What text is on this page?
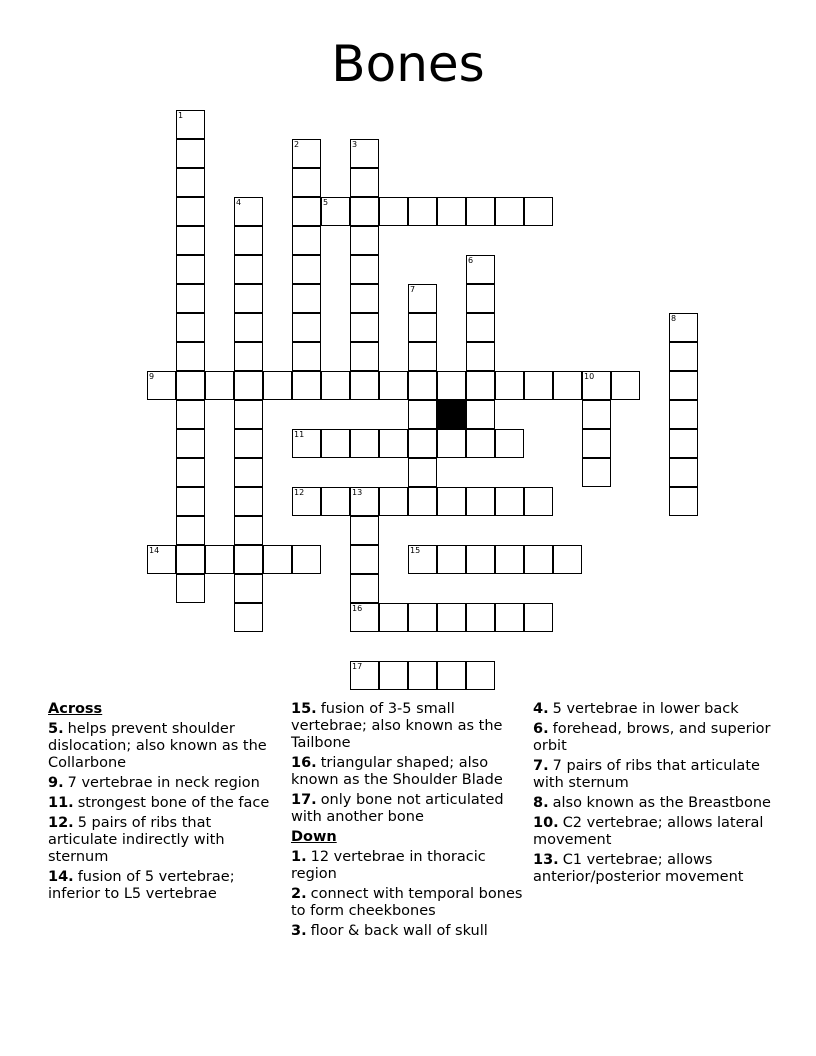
Bones
5
9	10
11
12	13
14	15
16
17
1
2	3
4
6
7
8
Across
5. helps prevent shoulder dislocation; also known as the Collarbone
9. 7 vertebrae in neck region
11. strongest bone of the face
12. 5 pairs of ribs that articulate indirectly with sternum
14. fusion of 5 vertebrae; inferior to L5 vertebrae
15. fusion of 3-5 small vertebrae; also known as the Tailbone
16. triangular shaped; also known as the Shoulder Blade
17. only bone not articulated with another bone
Down
1. 12 vertebrae in thoracic region
2. connect with temporal bones to form cheekbones
3. floor & back wall of skull
4. 5 vertebrae in lower back
6. forehead, brows, and superior orbit
7. 7 pairs of ribs that articulate with sternum
8. also known as the Breastbone
10. C2 vertebrae; allows lateral movement
13. C1 vertebrae; allows anterior/posterior movement
